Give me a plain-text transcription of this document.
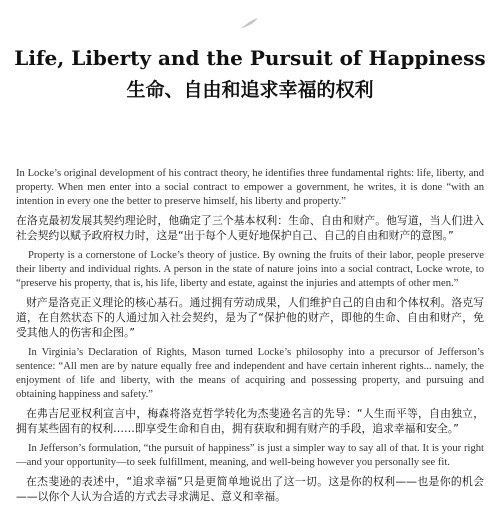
Life, Liberty and the Pursuit of Happiness
生命、自由和追求幸福的权利

In Locke’s original development of his contract theory, he identifies three fundamental rights: life, liberty, and property. When men enter into a social contract to empower a government, he writes, it is done “with an intention in every one the better to preserve himself, his liberty and property.”

在洛克最初发展其契约理论时，他确定了三个基本权利：生命、自由和财产。他写道，当人们进入社会契约以赋予政府权力时，这是“出于每个人更好地保护自己、自己的自由和财产的意图。”

Property is a cornerstone of Locke’s theory of justice. By owning the fruits of their labor, people preserve their liberty and individual rights. A person in the state of nature joins into a social contract, Locke wrote, to “preserve his property, that is, his life, liberty and estate, against the injuries and attempts of other men.”

财产是洛克正义理论的核心基石。通过拥有劳动成果，人们维护自己的自由和个体权利。洛克写道，在自然状态下的人通过加入社会契约，是为了“保护他的财产，即他的生命、自由和财产，免受其他人的伤害和企图。”

In Virginia’s Declaration of Rights, Mason turned Locke’s philosophy into a precursor of Jefferson’s sentence: “All men are by nature equally free and independent and have certain inherent rights... namely, the enjoyment of life and liberty, with the means of acquiring and possessing property, and pursuing and obtaining happiness and safety.”

在弗吉尼亚权利宣言中，梅森将洛克哲学转化为杰斐逊名言的先导：“人生而平等，自由独立，拥有某些固有的权利……即享受生命和自由，拥有获取和拥有财产的手段，追求幸福和安全。”

In Jefferson’s formulation, “the pursuit of happiness” is just a simpler way to say all of that. It is your right—and your opportunity—to seek fulfillment, meaning, and well-being however you personally see fit.

在杰斐逊的表述中，“追求幸福”只是更简单地说出了这一切。这是你的权利——也是你的机会——以你个人认为合适的方式去寻求满足、意义和幸福。
